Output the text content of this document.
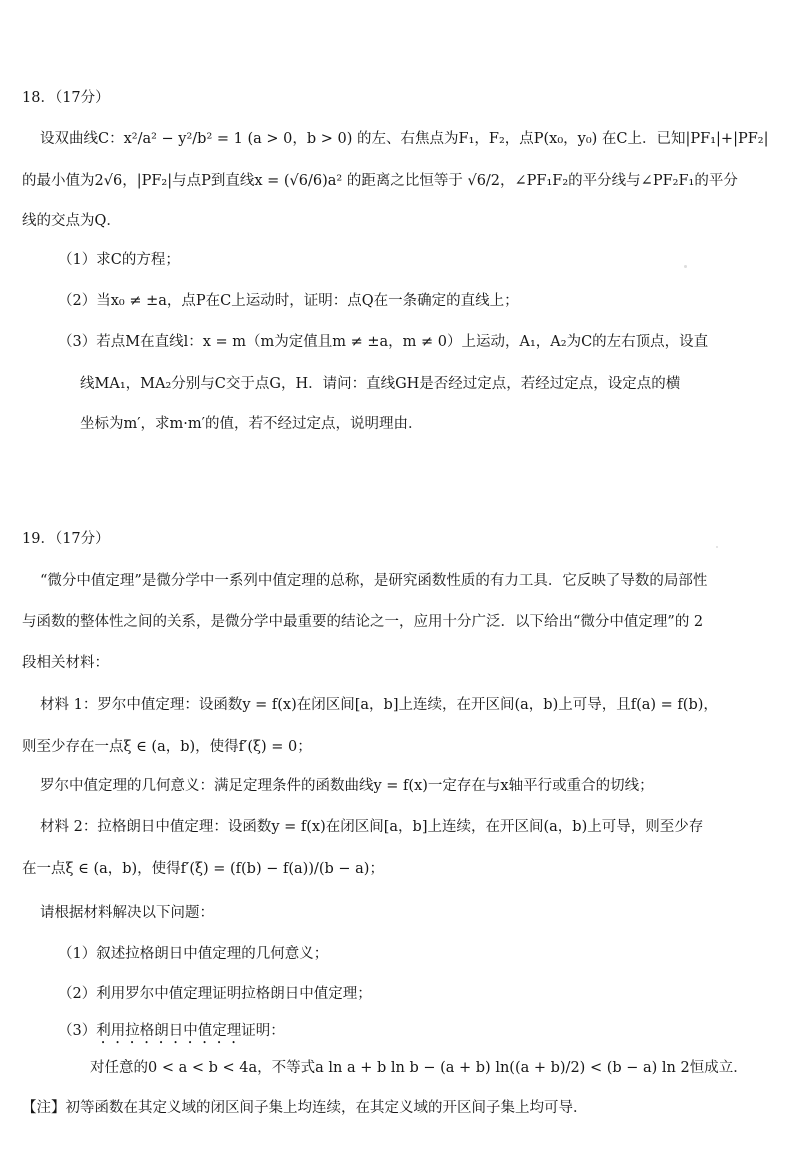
18．（17分）
设双曲线C：x²/a² − y²/b² = 1 (a > 0，b > 0) 的左、右焦点为F₁，F₂，点P(x₀，y₀) 在C上．已知|PF₁|+|PF₂|
的最小值为2√6，|PF₂|与点P到直线x = (√6/6)a² 的距离之比恒等于 √6/2，∠PF₁F₂的平分线与∠PF₂F₁的平分
线的交点为Q．
（1）求C的方程；
（2）当x₀ ≠ ±a，点P在C上运动时，证明：点Q在一条确定的直线上；
（3）若点M在直线l：x = m（m为定值且m ≠ ±a，m ≠ 0）上运动，A₁，A₂为C的左右顶点，设直
线MA₁，MA₂分别与C交于点G，H．请问：直线GH是否经过定点，若经过定点，设定点的横
坐标为m′，求m·m′的值，若不经过定点，说明理由．
19．（17分）
“微分中值定理”是微分学中一系列中值定理的总称，是研究函数性质的有力工具．它反映了导数的局部性
与函数的整体性之间的关系，是微分学中最重要的结论之一，应用十分广泛．以下给出“微分中值定理”的 2
段相关材料：
材料 1：罗尔中值定理：设函数y = f(x)在闭区间[a，b]上连续，在开区间(a，b)上可导，且f(a) = f(b)，
则至少存在一点ξ ∈ (a，b)，使得f′(ξ) = 0；
罗尔中值定理的几何意义：满足定理条件的函数曲线y = f(x)一定存在与x轴平行或重合的切线；
材料 2：拉格朗日中值定理：设函数y = f(x)在闭区间[a，b]上连续，在开区间(a，b)上可导，则至少存
在一点ξ ∈ (a，b)，使得f′(ξ) = (f(b) − f(a))/(b − a)；
请根据材料解决以下问题：
（1）叙述拉格朗日中值定理的几何意义；
（2）利用罗尔中值定理证明拉格朗日中值定理；
（3）利用拉格朗日中值定理证明：
对任意的0 < a < b < 4a，不等式a ln a + b ln b − (a + b) ln((a + b)/2) < (b − a) ln 2恒成立．
【注】初等函数在其定义域的闭区间子集上均连续，在其定义域的开区间子集上均可导．
